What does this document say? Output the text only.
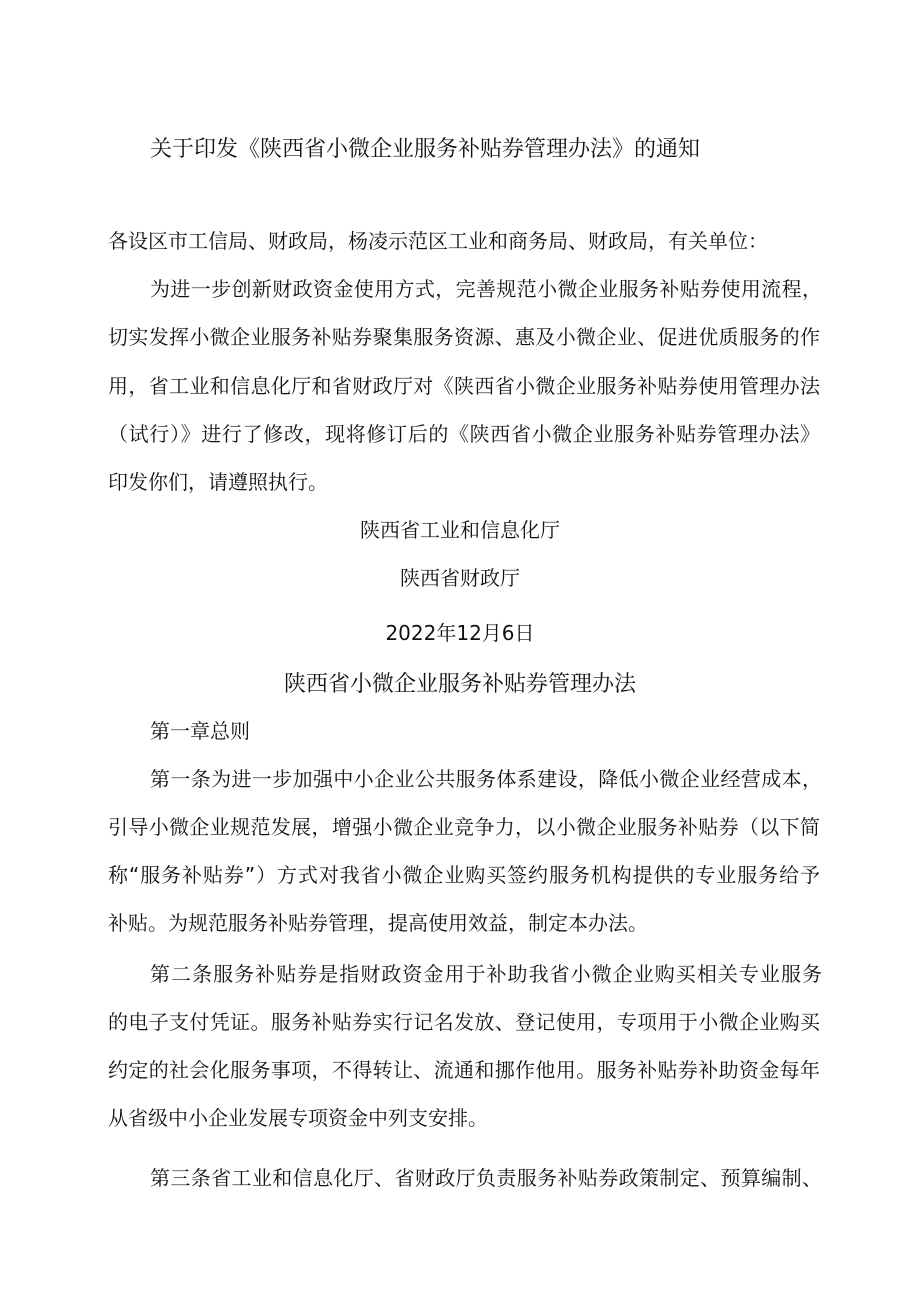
关于印发《陕西省小微企业服务补贴券管理办法》的通知
各设区市工信局、财政局，杨凌示范区工业和商务局、财政局，有关单位：
为进一步创新财政资金使用方式，完善规范小微企业服务补贴券使用流程，
切实发挥小微企业服务补贴券聚集服务资源、惠及小微企业、促进优质服务的作
用，省工业和信息化厅和省财政厅对《陕西省小微企业服务补贴券使用管理办法
（试行）》进行了修改，现将修订后的《陕西省小微企业服务补贴券管理办法》
印发你们，请遵照执行。
陕西省工业和信息化厅
陕西省财政厅
2022年12月6日
陕西省小微企业服务补贴券管理办法
第一章总则
第一条为进一步加强中小企业公共服务体系建设，降低小微企业经营成本，
引导小微企业规范发展，增强小微企业竞争力，以小微企业服务补贴券（以下简
称“服务补贴券”）方式对我省小微企业购买签约服务机构提供的专业服务给予
补贴。为规范服务补贴券管理，提高使用效益，制定本办法。
第二条服务补贴券是指财政资金用于补助我省小微企业购买相关专业服务
的电子支付凭证。服务补贴券实行记名发放、登记使用，专项用于小微企业购买
约定的社会化服务事项，不得转让、流通和挪作他用。服务补贴券补助资金每年
从省级中小企业发展专项资金中列支安排。
第三条省工业和信息化厅、省财政厅负责服务补贴券政策制定、预算编制、
